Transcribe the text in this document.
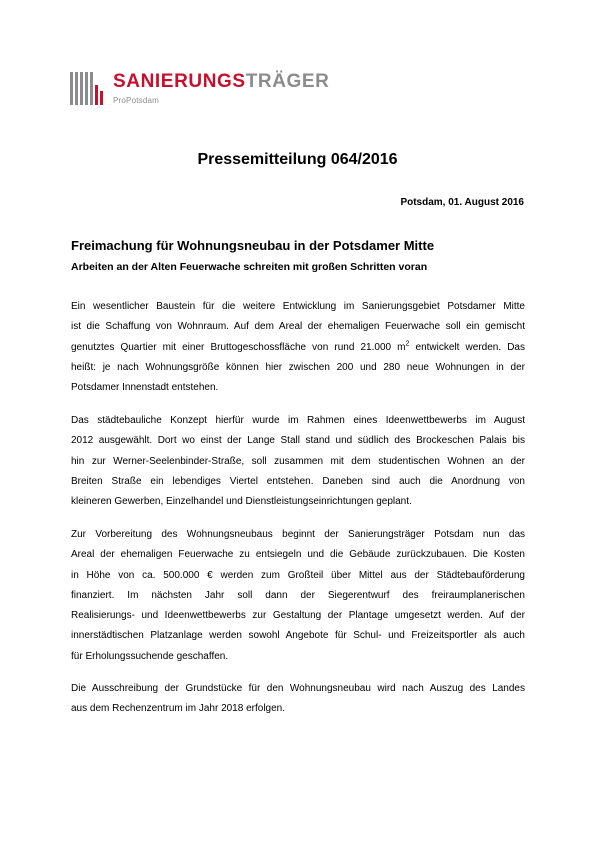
SANIERUNGSTRÄGER
ProPotsdam
Pressemitteilung 064/2016
Potsdam, 01. August 2016
Freimachung für Wohnungsneubau in der Potsdamer Mitte
Arbeiten an der Alten Feuerwache schreiten mit großen Schritten voran
Ein wesentlicher Baustein für die weitere Entwicklung im Sanierungsgebiet Potsdamer Mitte
ist die Schaffung von Wohnraum. Auf dem Areal der ehemaligen Feuerwache soll ein gemischt
genutztes Quartier mit einer Bruttogeschossfläche von rund 21.000 $m^2$ entwickelt werden. Das
heißt: je nach Wohnungsgröße können hier zwischen 200 und 280 neue Wohnungen in der
Potsdamer Innenstadt entstehen.
Das städtebauliche Konzept hierfür wurde im Rahmen eines Ideenwettbewerbs im August
2012 ausgewählt. Dort wo einst der Lange Stall stand und südlich des Brockeschen Palais bis
hin zur Werner-Seelenbinder-Straße, soll zusammen mit dem studentischen Wohnen an der
Breiten Straße ein lebendiges Viertel entstehen. Daneben sind auch die Anordnung von
kleineren Gewerben, Einzelhandel und Dienstleistungseinrichtungen geplant.
Zur Vorbereitung des Wohnungsneubaus beginnt der Sanierungsträger Potsdam nun das
Areal der ehemaligen Feuerwache zu entsiegeln und die Gebäude zurückzubauen. Die Kosten
in Höhe von ca. 500.000 € werden zum Großteil über Mittel aus der Städtebauförderung
finanziert. Im nächsten Jahr soll dann der Siegerentwurf des freiraumplanerischen
Realisierungs- und Ideenwettbewerbs zur Gestaltung der Plantage umgesetzt werden. Auf der
innerstädtischen Platzanlage werden sowohl Angebote für Schul- und Freizeitsportler als auch
für Erholungssuchende geschaffen.
Die Ausschreibung der Grundstücke für den Wohnungsneubau wird nach Auszug des Landes
aus dem Rechenzentrum im Jahr 2018 erfolgen.
